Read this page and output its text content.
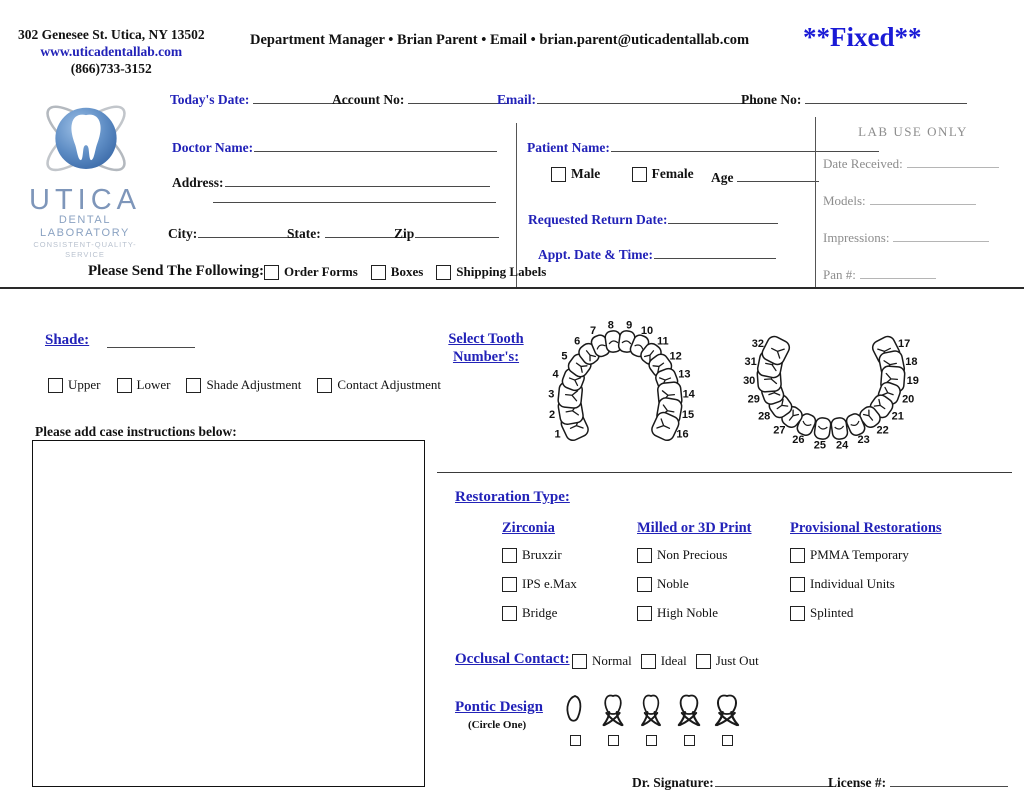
302 Genesee St. Utica, NY 13502
www.uticadentallab.com
(866)733-3152
Department Manager • Brian Parent • Email • brian.parent@uticadentallab.com **Fixed**
UTICA
DENTAL LABORATORY
CONSISTENT-QUALITY-SERVICE
Today's Date:	Account No:	Email:	Phone No:
Doctor Name:
Address:
City:	State:	Zip
Patient Name:
Male
	Female Age
Requested Return Date:
Appt. Date & Time:
LAB USE ONLY
Date Received:
Models:
Impressions:
Pan #:
Please Send The Following: Order Forms	Boxes	Shipping Labels
Shade:
Upper	Lower	Shade Adjustment	Contact Adjustment
Please add case instructions below:
Select Tooth
Number's:
1
2
3
4
5
6
7 8 9 10
11
12
13
14
15
16
17
18
19
20
21
22
23
24
25
26
27
28
29
30
31
32
Restoration Type:
Occlusal Contact: Normal Ideal Just Out
Pontic Design
(Circle One)
Dr. Signature:	License #:
Zirconia
Bruxzir
IPS e.Max
Bridge
Milled or 3D Print
Non Precious
Noble
High Noble
Provisional Restorations
PMMA Temporary
Individual Units
Splinted
